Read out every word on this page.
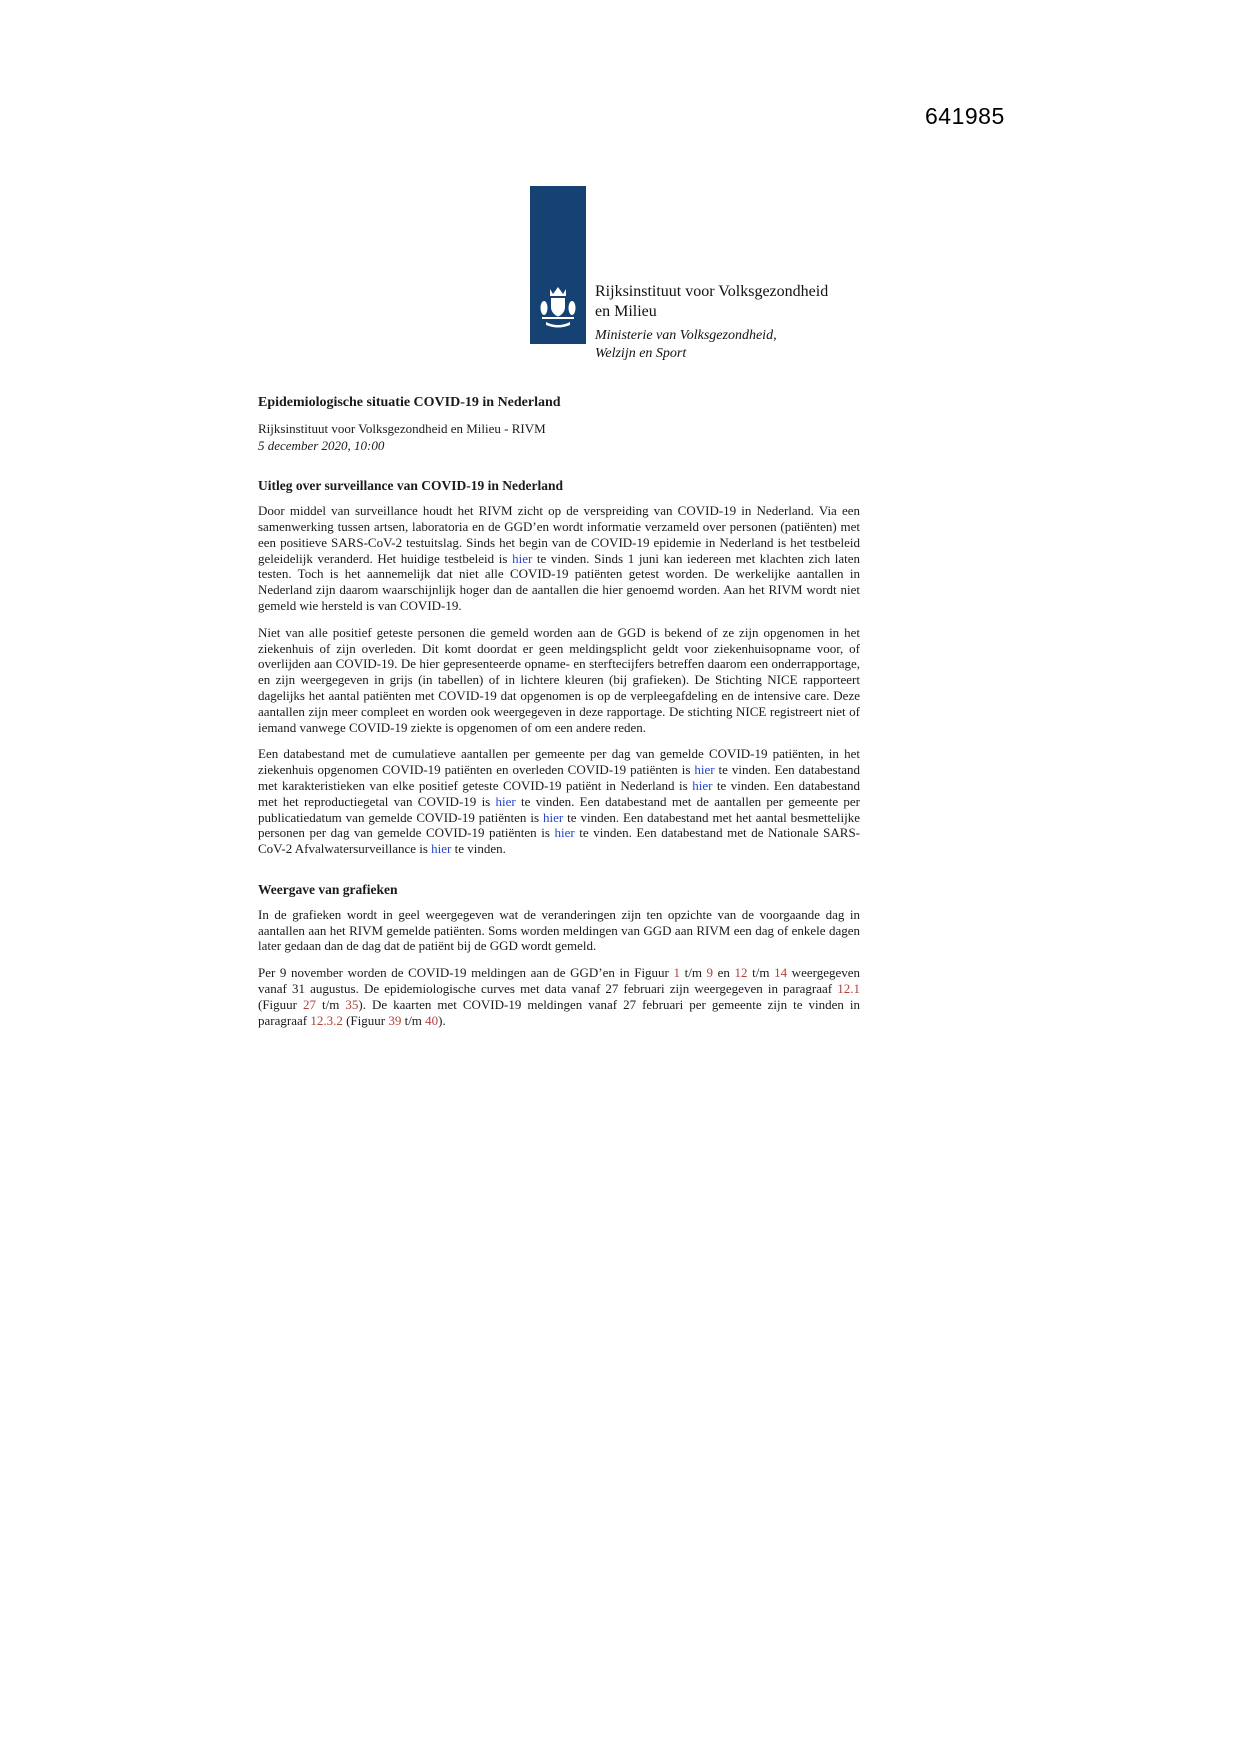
641985
Rijksinstituut voor Volksgezondheid
en Milieu
Ministerie van Volksgezondheid,
Welzijn en Sport
Epidemiologische situatie COVID-19 in Nederland
Rijksinstituut voor Volksgezondheid en Milieu - RIVM
5 december 2020, 10:00
Uitleg over surveillance van COVID-19 in Nederland

Door middel van surveillance houdt het RIVM zicht op de verspreiding van COVID-19 in Nederland. Via een samenwerking tussen artsen, laboratoria en de GGD’en wordt informatie verzameld over personen (patiënten) met een positieve SARS-CoV-2 testuitslag. Sinds het begin van de COVID-19 epidemie in Nederland is het testbeleid geleidelijk veranderd. Het huidige testbeleid is hier te vinden. Sinds 1 juni kan iedereen met klachten zich laten testen. Toch is het aannemelijk dat niet alle COVID-19 patiënten getest worden. De werkelijke aantallen in Nederland zijn daarom waarschijnlijk hoger dan de aantallen die hier genoemd worden. Aan het RIVM wordt niet gemeld wie hersteld is van COVID-19.

Niet van alle positief geteste personen die gemeld worden aan de GGD is bekend of ze zijn opgenomen in het ziekenhuis of zijn overleden. Dit komt doordat er geen meldingsplicht geldt voor ziekenhuisopname voor, of overlijden aan COVID-19. De hier gepresenteerde opname- en sterftecijfers betreffen daarom een onderrapportage, en zijn weergegeven in grijs (in tabellen) of in lichtere kleuren (bij grafieken). De Stichting NICE rapporteert dagelijks het aantal patiënten met COVID-19 dat opgenomen is op de verpleegafdeling en de intensive care. Deze aantallen zijn meer compleet en worden ook weergegeven in deze rapportage. De stichting NICE registreert niet of iemand vanwege COVID-19 ziekte is opgenomen of om een andere reden.

Een databestand met de cumulatieve aantallen per gemeente per dag van gemelde COVID-19 patiënten, in het ziekenhuis opgenomen COVID-19 patiënten en overleden COVID-19 patiënten is hier te vinden. Een databestand met karakteristieken van elke positief geteste COVID-19 patiënt in Nederland is hier te vinden. Een databestand met het reproductiegetal van COVID-19 is hier te vinden. Een databestand met de aantallen per gemeente per publicatiedatum van gemelde COVID-19 patiënten is hier te vinden. Een databestand met het aantal besmettelijke personen per dag van gemelde COVID-19 patiënten is hier te vinden. Een databestand met de Nationale SARS-CoV-2 Afvalwatersurveillance is hier te vinden.

Weergave van grafieken

In de grafieken wordt in geel weergegeven wat de veranderingen zijn ten opzichte van de voorgaande dag in aantallen aan het RIVM gemelde patiënten. Soms worden meldingen van GGD aan RIVM een dag of enkele dagen later gedaan dan de dag dat de patiënt bij de GGD wordt gemeld.

Per 9 november worden de COVID-19 meldingen aan de GGD’en in Figuur 1 t/m 9 en 12 t/m 14 weergegeven vanaf 31 augustus. De epidemiologische curves met data vanaf 27 februari zijn weergegeven in paragraaf 12.1 (Figuur 27 t/m 35). De kaarten met COVID-19 meldingen vanaf 27 februari per gemeente zijn te vinden in paragraaf 12.3.2 (Figuur 39 t/m 40).
